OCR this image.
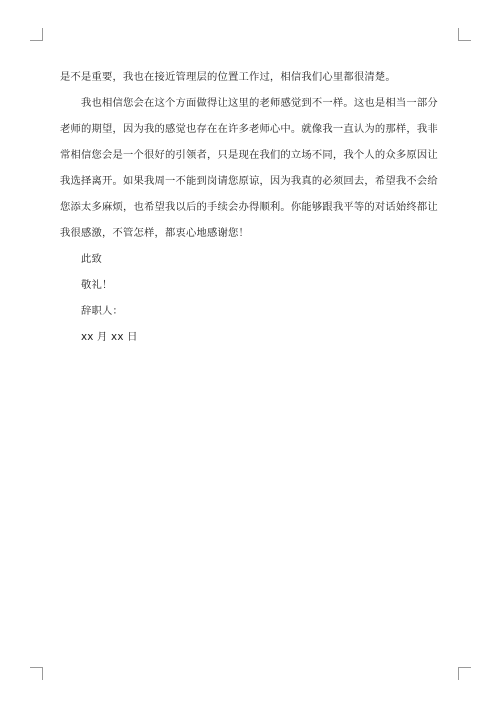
是不是重要，我也在接近管理层的位置工作过，相信我们心里都很清楚。

我也相信您会在这个方面做得让这里的老师感觉到不一样。这也是相当一部分老师的期望，因为我的感觉也存在在许多老师心中。就像我一直认为的那样，我非常相信您会是一个很好的引领者，只是现在我们的立场不同，我个人的众多原因让我选择离开。如果我周一不能到岗请您原谅，因为我真的必须回去，希望我不会给您添太多麻烦，也希望我以后的手续会办得顺利。你能够跟我平等的对话始终都让我很感激，不管怎样，都衷心地感谢您！

此致

敬礼！

辞职人：

xx 月 xx 日
